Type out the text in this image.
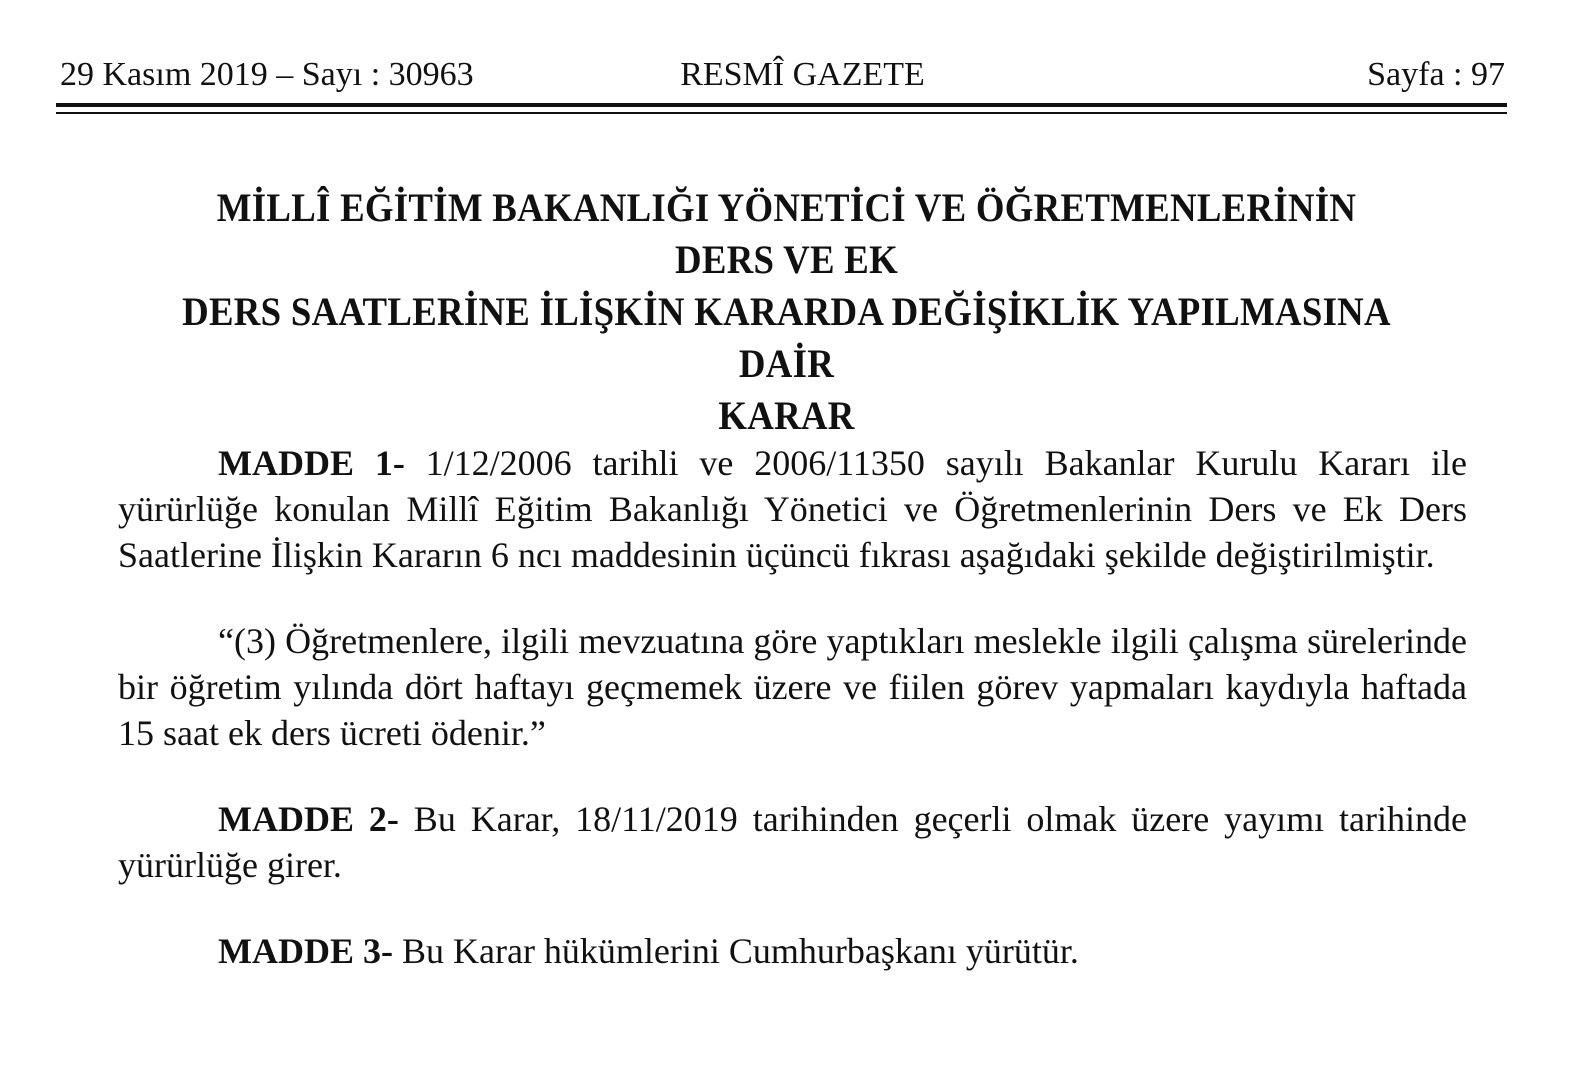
29 Kasım 2019 – Sayı : 30963	RESMÎ GAZETE	Sayfa : 97
MİLLÎ EĞİTİM BAKANLIĞI YÖNETİCİ VE ÖĞRETMENLERİNİN DERS VE EK
DERS SAATLERİNE İLİŞKİN KARARDA DEĞİŞİKLİK YAPILMASINA DAİR
KARAR

MADDE 1- 1/12/2006 tarihli ve 2006/11350 sayılı Bakanlar Kurulu Kararı ile yürürlüğe konulan Millî Eğitim Bakanlığı Yönetici ve Öğretmenlerinin Ders ve Ek Ders Saatlerine İlişkin Kararın 6 ncı maddesinin üçüncü fıkrası aşağıdaki şekilde değiştirilmiştir.

“(3) Öğretmenlere, ilgili mevzuatına göre yaptıkları meslekle ilgili çalışma sürelerinde bir öğretim yılında dört haftayı geçmemek üzere ve fiilen görev yapmaları kaydıyla haftada 15 saat ek ders ücreti ödenir.”

MADDE 2- Bu Karar, 18/11/2019 tarihinden geçerli olmak üzere yayımı tarihinde yürürlüğe girer.

MADDE 3- Bu Karar hükümlerini Cumhurbaşkanı yürütür.
